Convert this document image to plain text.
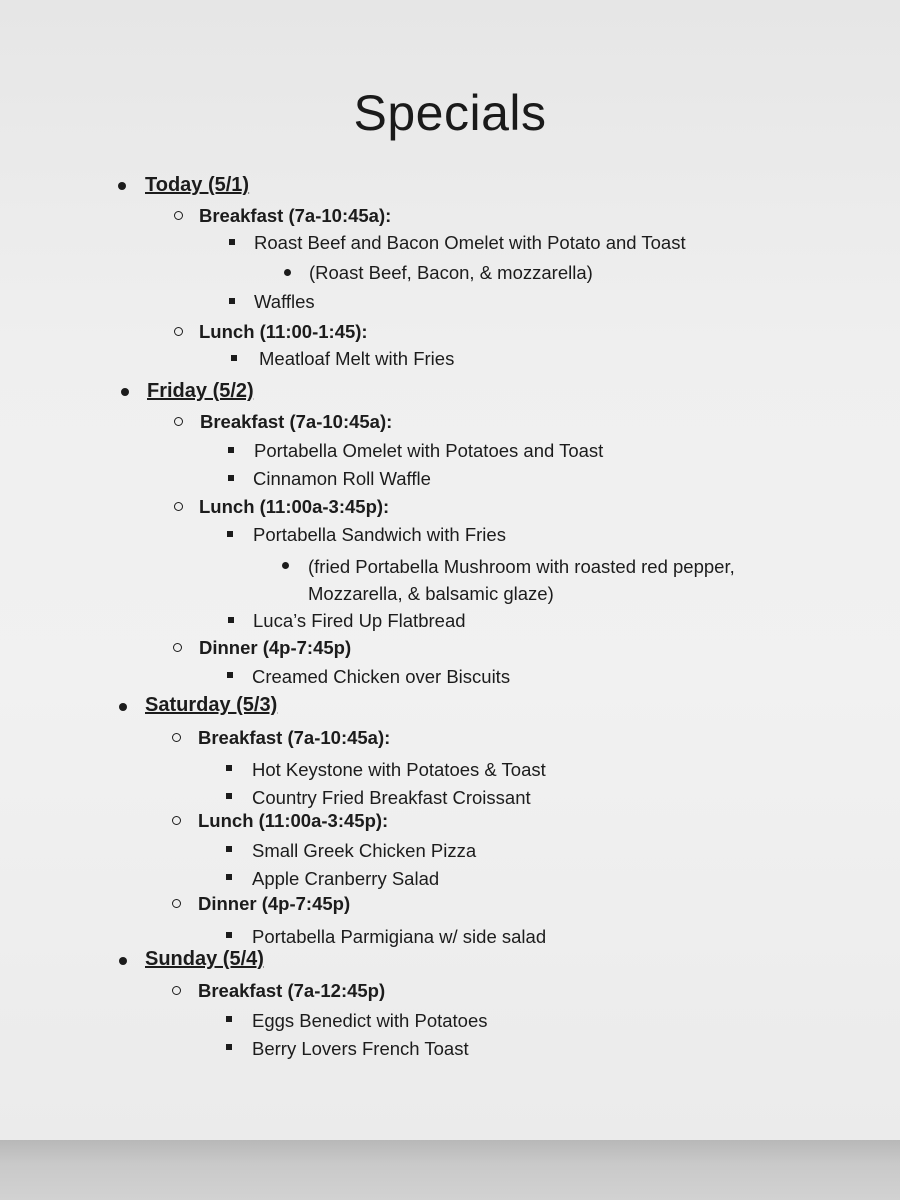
Specials
Today (5/1)
Breakfast (7a-10:45a):
Roast Beef and Bacon Omelet with Potato and Toast
(Roast Beef, Bacon, & mozzarella)
Waffles
Lunch (11:00-1:45):
Meatloaf Melt with Fries
Friday (5/2)
Breakfast (7a-10:45a):
Portabella Omelet with Potatoes and Toast
Cinnamon Roll Waffle
Lunch (11:00a-3:45p):
Portabella Sandwich with Fries
(fried Portabella Mushroom with roasted red pepper,
Mozzarella, & balsamic glaze)
Luca’s Fired Up Flatbread
Dinner (4p-7:45p)
Creamed Chicken over Biscuits
Saturday (5/3)
Breakfast (7a-10:45a):
Hot Keystone with Potatoes & Toast
Country Fried Breakfast Croissant
Lunch (11:00a-3:45p):
Small Greek Chicken Pizza
Apple Cranberry Salad
Dinner (4p-7:45p)
Portabella Parmigiana w/ side salad
Sunday (5/4)
Breakfast (7a-12:45p)
Eggs Benedict with Potatoes
Berry Lovers French Toast
